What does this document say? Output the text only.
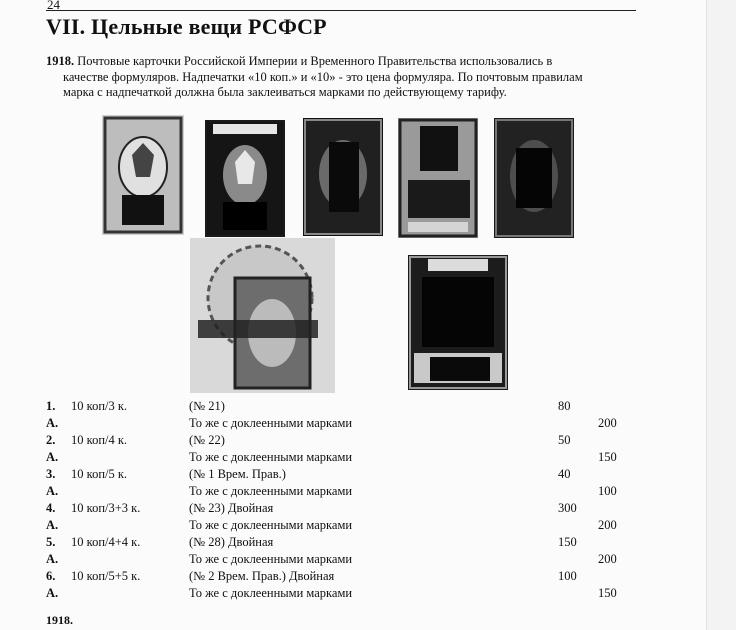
24
VII. Цельные вещи РСФСР
1918. Почтовые карточки Российской Империи и Временного Правительства использовались в
качестве формуляров. Надпечатки «10 коп.» и «10» - это цена формуляра. По почтовым правилам
марка с надпечаткой должна была заклеиваться марками по действующему тарифу.
1. 10 коп/3 к.	(№ 21)	80
А.	То же с доклеенными марками	200
2. 10 коп/4 к.	(№ 22)	50
А.	То же с доклеенными марками	150
3. 10 коп/5 к.	(№ 1 Врем. Прав.)	40
А.	То же с доклеенными марками	100
4. 10 коп/3+3 к.	(№ 23) Двойная	300
А.	То же с доклеенными марками	200
5. 10 коп/4+4 к.	(№ 28) Двойная	150
А.	То же с доклеенными марками	200
6. 10 коп/5+5 к.	(№ 2 Врем. Прав.) Двойная	100
А.	То же с доклеенными марками	150
1918.
